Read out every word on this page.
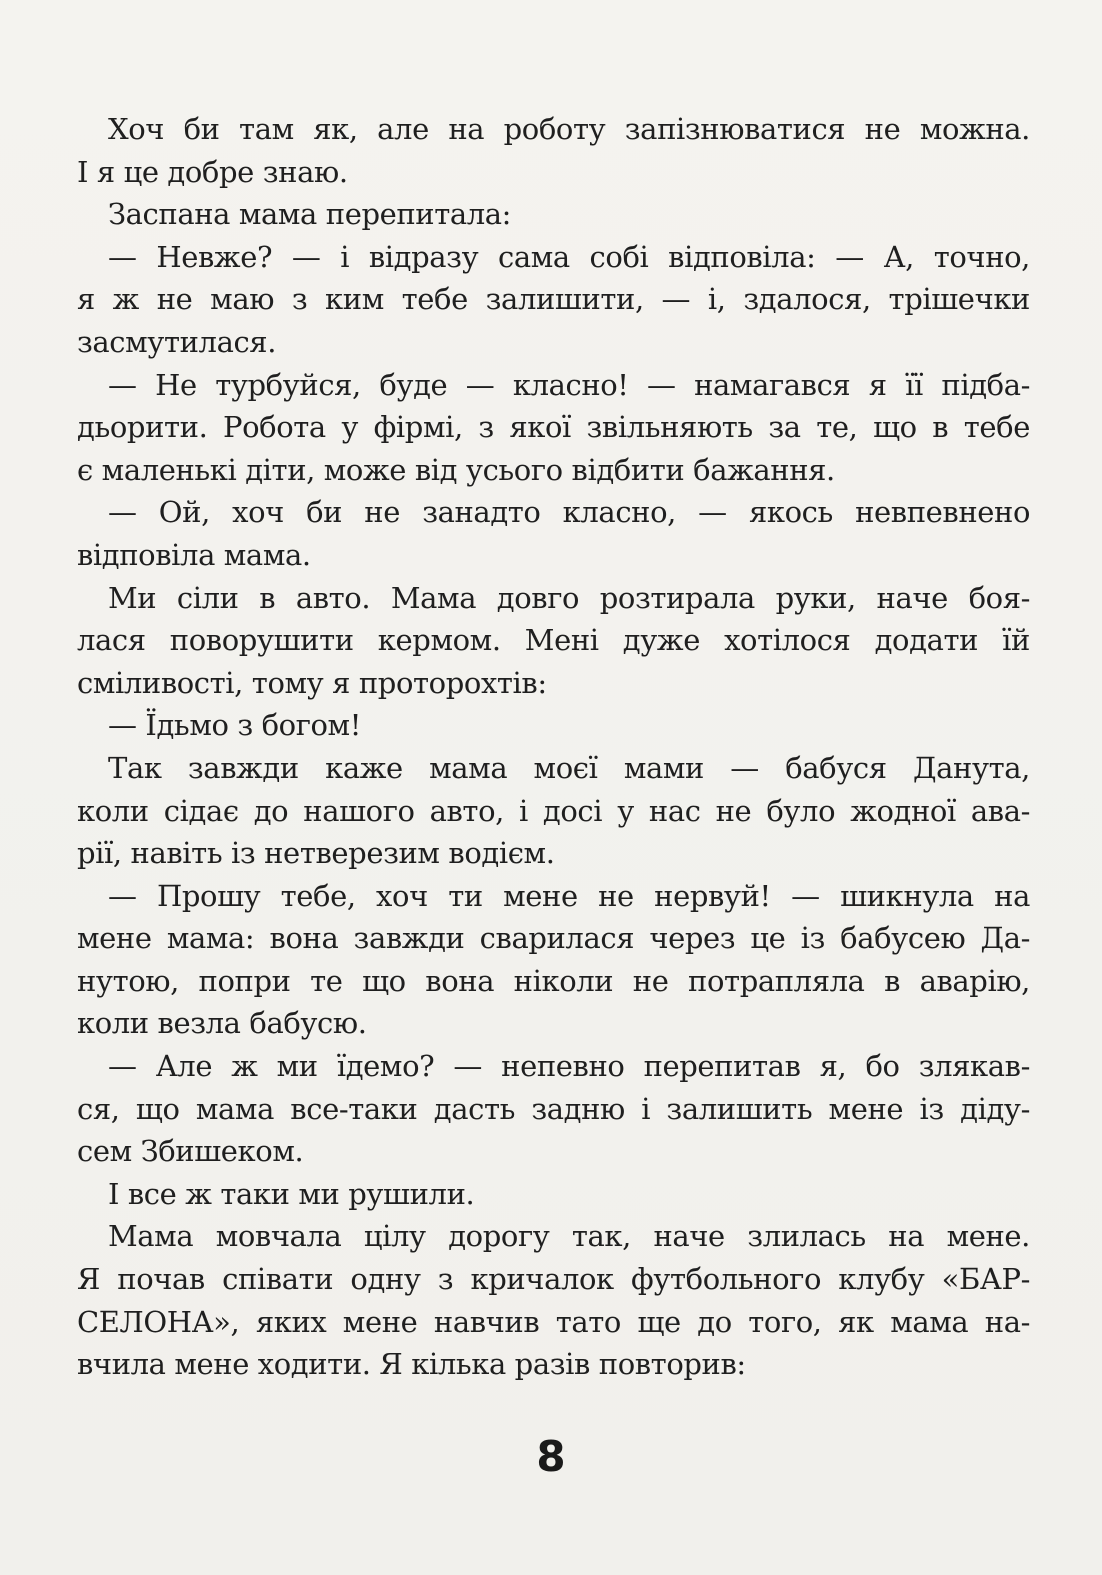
Хоч би там як, але на роботу запізнюватися не можна.
І я це добре знаю.
Заспана мама перепитала:
— Невже? — і відразу сама собі відповіла: — А, точно,
я ж не маю з ким тебе залишити, — і, здалося, трішечки
засмутилася.
— Не турбуйся, буде — класно! — намагався я її підба-
дьорити. Робота у фірмі, з якої звільняють за те, що в тебе
є маленькі діти, може від усього відбити бажання.
— Ой, хоч би не занадто класно, — якось невпевнено
відповіла мама.
Ми сіли в авто. Мама довго розтирала руки, наче боя-
лася поворушити кермом. Мені дуже хотілося додати їй
сміливості, тому я проторохтів:
— Їдьмо з богом!
Так завжди каже мама моєї мами — бабуся Данута,
коли сідає до нашого авто, і досі у нас не було жодної ава-
рії, навіть із нетверезим водієм.
— Прошу тебе, хоч ти мене не нервуй! — шикнула на
мене мама: вона завжди сварилася через це із бабусею Да-
нутою, попри те що вона ніколи не потрапляла в аварію,
коли везла бабусю.
— Але ж ми їдемо? — непевно перепитав я, бо злякав-
ся, що мама все-таки дасть задню і залишить мене із діду-
сем Збишеком.
І все ж таки ми рушили.
Мама мовчала цілу дорогу так, наче злилась на мене.
Я почав співати одну з кричалок футбольного клубу «БАР-
СЕЛОНА», яких мене навчив тато ще до того, як мама на-
вчила мене ходити. Я кілька разів повторив:
8
